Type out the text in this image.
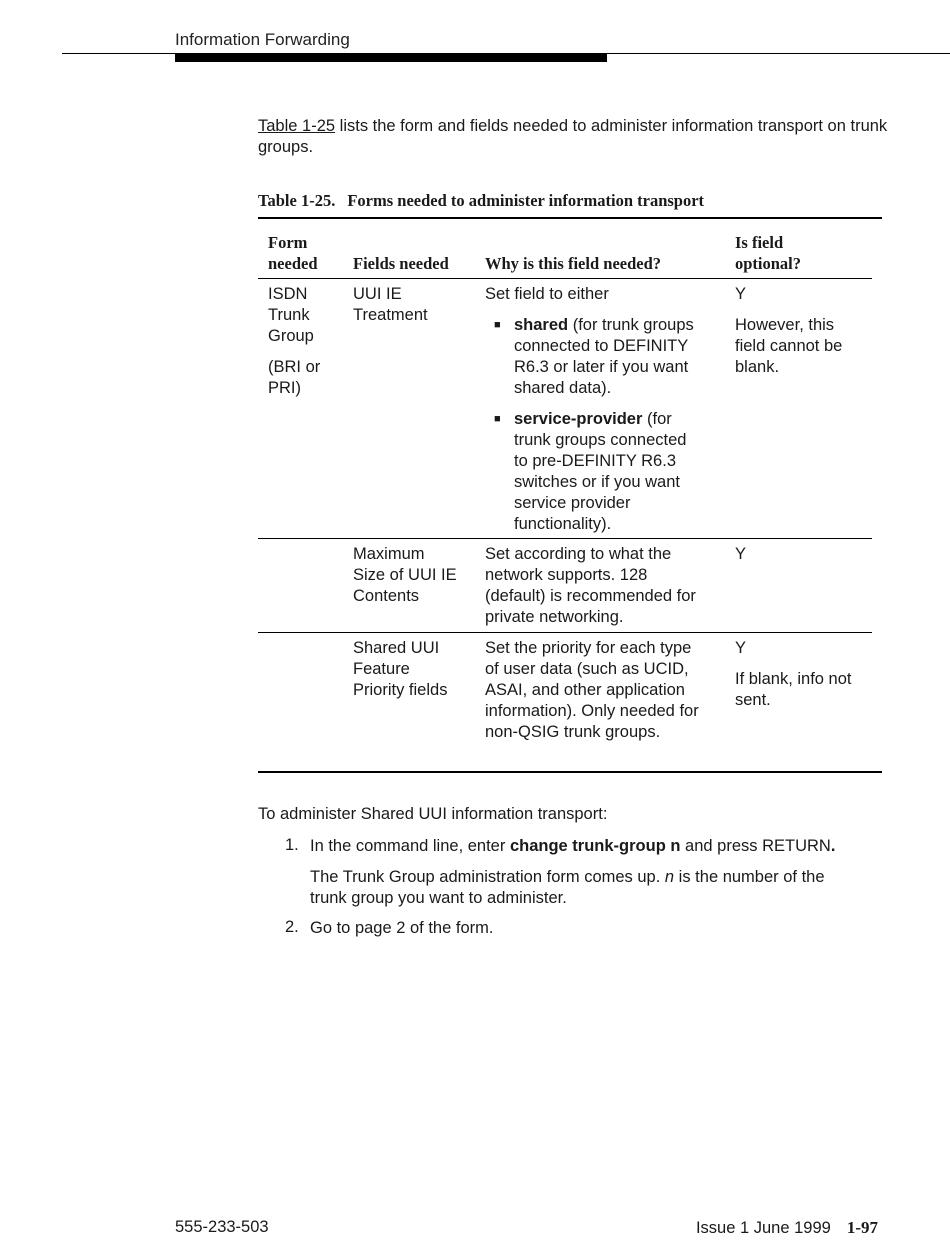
Information Forwarding
Table 1-25 lists the form and fields needed to administer information transport on trunk groups.
Table 1-25. Forms needed to administer information transport
Form
needed Fields needed Why is this field needed?
Is field
optional?
ISDN
Trunk
Group
(BRI or
PRI)
UUI IE
Treatment
Set field to either
■ shared (for trunk groups
connected to DEFINITY
R6.3 or later if you want
shared data).
■ service-provider (for
trunk groups connected
to pre-DEFINITY R6.3
switches or if you want
service provider
functionality).
Y
However, this
field cannot be
blank.
Maximum
Size of UUI IE
Contents
Set according to what the
network supports. 128
(default) is recommended for
private networking.
Y
Shared UUI
Feature
Priority fields
Set the priority for each type
of user data (such as UCID,
ASAI, and other application
information). Only needed for
non-QSIG trunk groups.
Y
If blank, info not
sent.
To administer Shared UUI information transport:
1. In the command line, enter change trunk-group n and press RETURN.
The Trunk Group administration form comes up. n is the number of the
trunk group you want to administer.
2. Go to page 2 of the form.
555-233-503	Issue 1 June 1999 1-97
